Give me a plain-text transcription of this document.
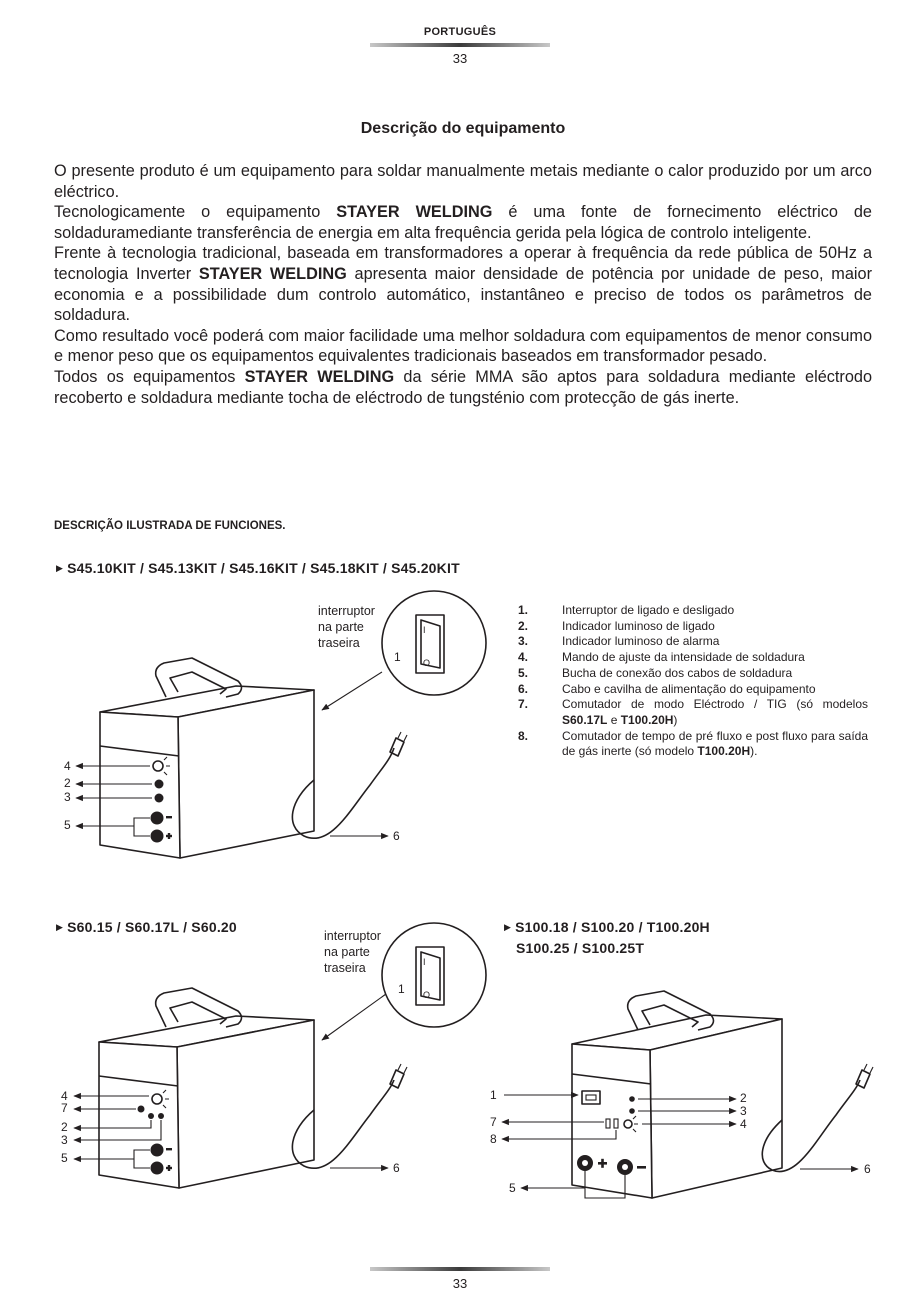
PORTUGUÊS
33
Descrição do equipamento

O presente produto é um equipamento para soldar manualmente metais mediante o calor produzido por um arco eléctrico.

Tecnologicamente o equipamento STAYER WELDING é uma fonte de fornecimento eléctrico de soldaduramediante transferência de energia em alta frequência gerida pela lógica de controlo inteligente.

Frente à tecnologia tradicional, baseada em transformadores a operar à frequência da rede pública de 50Hz a tecnologia Inverter STAYER WELDING apresenta maior densidade de potência por unidade de peso, maior economia e a possibilidade dum controlo automático, instantâneo e preciso de todos os parâmetros de soldadura.

Como resultado você poderá com maior facilidade uma melhor soldadura com equipamentos de menor consumo e menor peso que os equipamentos equivalentes tradicionais baseados em transformador pesado.

Todos os equipamentos STAYER WELDING da série MMA são aptos para soldadura mediante eléctrodo recoberto e soldadura mediante tocha de eléctrodo de tungsténio com protecção de gás inerte.

DESCRIÇÃO ILUSTRADA DE FUNCIONES.
▶ S45.10KIT / S45.13KIT / S45.16KIT / S45.18KIT / S45.20KIT
▶ S60.15 / S60.17L / S60.20	▶ S100.18 / S100.20 / T100.20H
S100.25 / S100.25T
1.	Interruptor de ligado e desligado
2.	Indicador luminoso de ligado
3.	Indicador luminoso de alarma
4.	Mando de ajuste da intensidade de soldadura
5.	Bucha de conexão dos cabos de soldadura
6.	Cabo e cavilha de alimentação do equipamento
7.	Comutador de modo Eléctrodo / TIG (só modelos S60.17L e T100.20H)
8.	Comutador de tempo de pré fluxo e post fluxo para saída de gás inerte (só modelo T100.20H).
4
2
3
5
6
interruptor
na parte
traseira
I
O
1
4
7
2
3
5
6
interruptor
na parte
traseira	I
O
1
1	2
3
4
7
8
5
6
33
